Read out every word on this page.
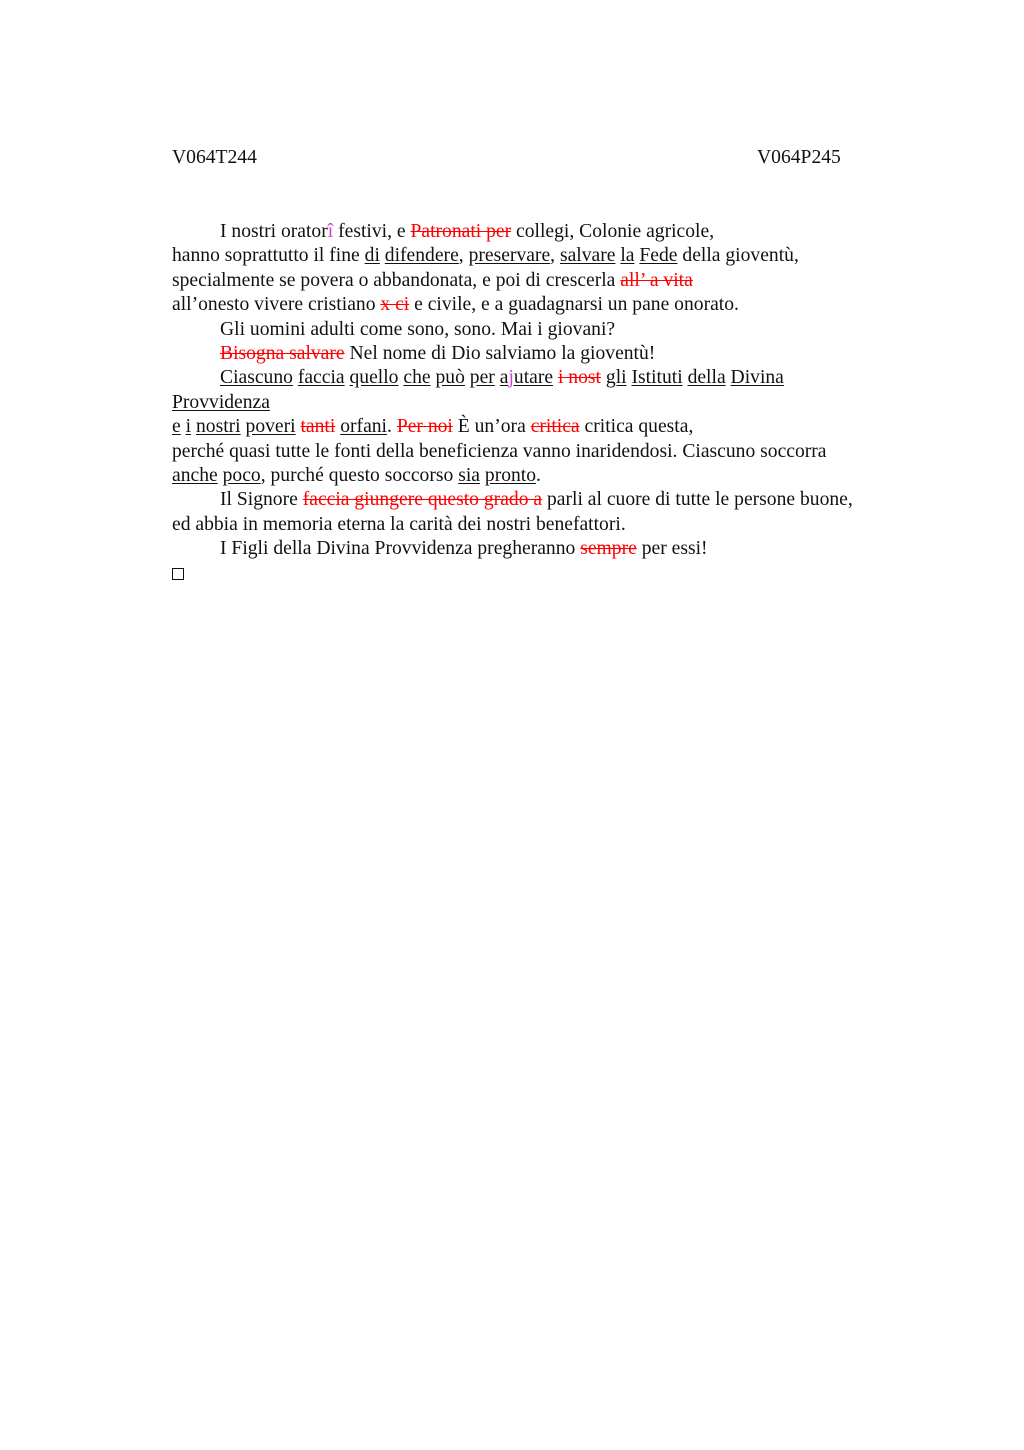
V064T244	V064P245
I nostri oratorî festivi, e Patronati per collegi, Colonie agricole,
hanno soprattutto il fine di difendere, preservare, salvare la Fede della gioventù,
specialmente se povera o abbandonata, e poi di crescerla all’ a vita
all’onesto vivere cristiano x ci e civile, e a guadagnarsi un pane onorato.
Gli uomini adulti come sono, sono. Mai i giovani?
Bisogna salvare Nel nome di Dio salviamo la gioventù!
Ciascuno faccia quello che può per ajutare i nost gli Istituti della Divina
Provvidenza
e i nostri poveri tanti orfani. Per noi È un’ora critica critica questa,
perché quasi tutte le fonti della beneficienza vanno inaridendosi. Ciascuno soccorra
anche poco, purché questo soccorso sia pronto.
Il Signore faccia giungere questo grado a parli al cuore di tutte le persone buone,
ed abbia in memoria eterna la carità dei nostri benefattori.
I Figli della Divina Provvidenza pregheranno sempre per essi!
